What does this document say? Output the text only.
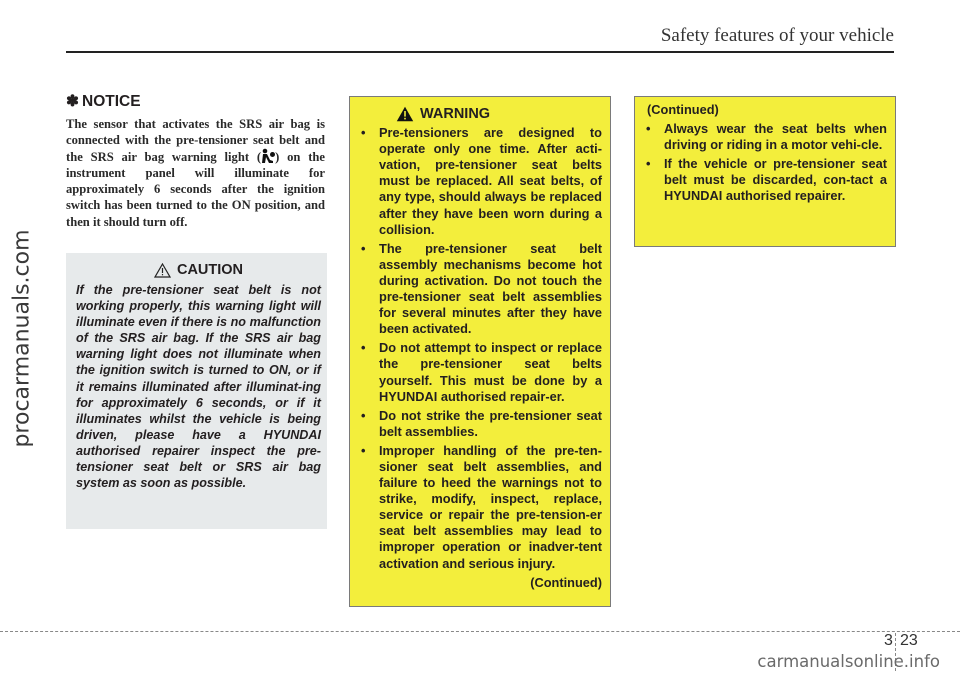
procarmanuals.com
Safety features of your vehicle
✽ NOTICE
The sensor that activates the SRS air bag is connected with the pre-tensioner seat belt and the SRS air bag warning light ( ) on the instrument panel will illuminate for approximately 6 seconds after the ignition switch has been turned to the ON position, and then it should turn off.
CAUTION

If the pre-tensioner seat belt is not working properly, this warning light will illuminate even if there is no malfunction of the SRS air bag. If the SRS air bag warning light does not illuminate when the ignition switch is turned to ON, or if it remains illuminated after illuminat-ing for approximately 6 seconds, or if it illuminates whilst the vehicle is being driven, please have a HYUNDAI authorised repairer inspect the pre-tensioner seat belt or SRS air bag system as soon as possible.

WARNING
• Pre-tensioners are designed to operate only one time. After acti-vation, pre-tensioner seat belts must be replaced. All seat belts, of any type, should always be replaced after they have been worn during a collision.
• The pre-tensioner seat belt assembly mechanisms become hot during activation. Do not touch the pre-tensioner seat belt assemblies for several minutes after they have been activated.
• Do not attempt to inspect or replace the pre-tensioner seat belts yourself. This must be done by a HYUNDAI authorised repair-er.
• Do not strike the pre-tensioner seat belt assemblies.
• Improper handling of the pre-ten-sioner seat belt assemblies, and failure to heed the warnings not to strike, modify, inspect, replace, service or repair the pre-tension-er seat belt assemblies may lead to improper operation or inadver-tent activation and serious injury.
(Continued)
(Continued)
• Always wear the seat belts when driving or riding in a motor vehi-cle.
• If the vehicle or pre-tensioner seat belt must be discarded, con-tact a HYUNDAI authorised repairer.
3 23
carmanualsonline.info
